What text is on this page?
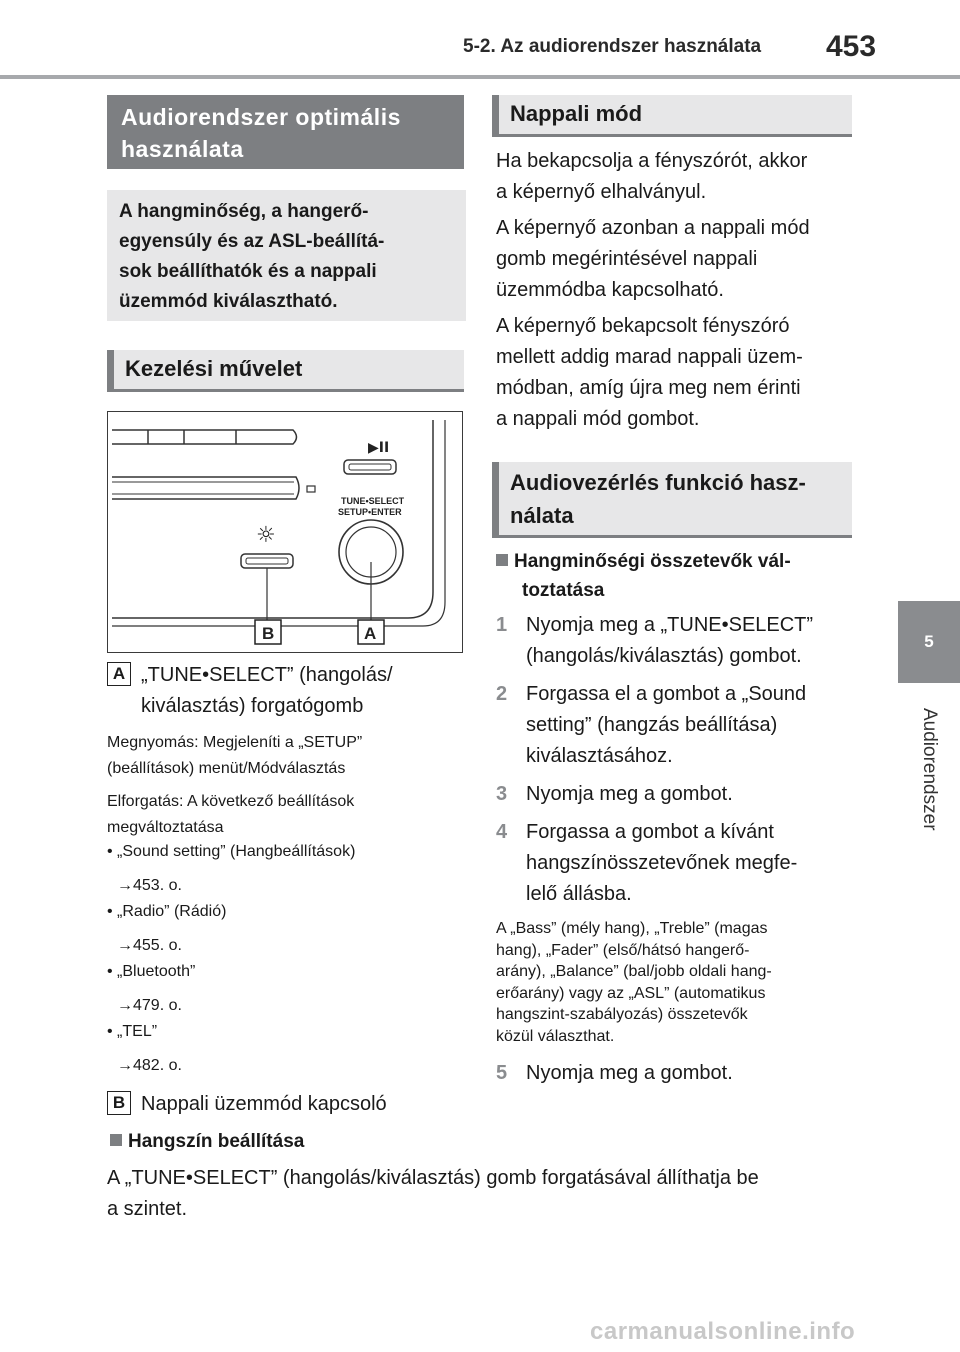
5-2. Az audiorendszer használata 453
5
Audiorendszer
Audiorendszer optimális használata
A hangminőség, a hangerő-
egyensúly és az ASL-beállítá-
sok beállíthatók és a nappali
üzemmód kiválasztható.
Kezelési művelet
▶II
TUNE•SELECT
SETUP•ENTER
☼
B	A
A „TUNE•SELECT” (hangolás/
kiválasztás) forgatógomb
Megnyomás: Megjeleníti a „SETUP”
(beállítások) menüt/Módválasztás
Elforgatás: A következő beállítások
megváltoztatása
• „Sound setting” (Hangbeállítások)
→453. o.
• „Radio” (Rádió)
→455. o.
• „Bluetooth”
→479. o.
• „TEL”
→482. o.
B Nappali üzemmód kapcsoló
Hangszín beállítása
A „TUNE•SELECT” (hangolás/kiválasztás) gomb forgatásával állíthatja be
a szintet.
Nappali mód
Ha bekapcsolja a fényszórót, akkor
a képernyő elhalványul.
A képernyő azonban a nappali mód
gomb megérintésével nappali
üzemmódba kapcsolható.
A képernyő bekapcsolt fényszóró
mellett addig marad nappali üzem-
módban, amíg újra meg nem érinti
a nappali mód gombot.
Audiovezérlés funkció hasz-
nálata
Hangminőségi összetevők vál-
toztatása
1 Nyomja meg a „TUNE•SELECT”
(hangolás/kiválasztás) gombot.
2 Forgassa el a gombot a „Sound
setting” (hangzás beállítása)
kiválasztásához.
3 Nyomja meg a gombot.
4 Forgassa a gombot a kívánt
hangszínösszetevőnek megfe-
lelő állásba.
A „Bass” (mély hang), „Treble” (magas
hang), „Fader” (első/hátsó hangerő-
arány), „Balance” (bal/jobb oldali hang-
erőarány) vagy az „ASL” (automatikus
hangszint-szabályozás) összetevők
közül választhat.
5 Nyomja meg a gombot.
carmanualsonline.info
